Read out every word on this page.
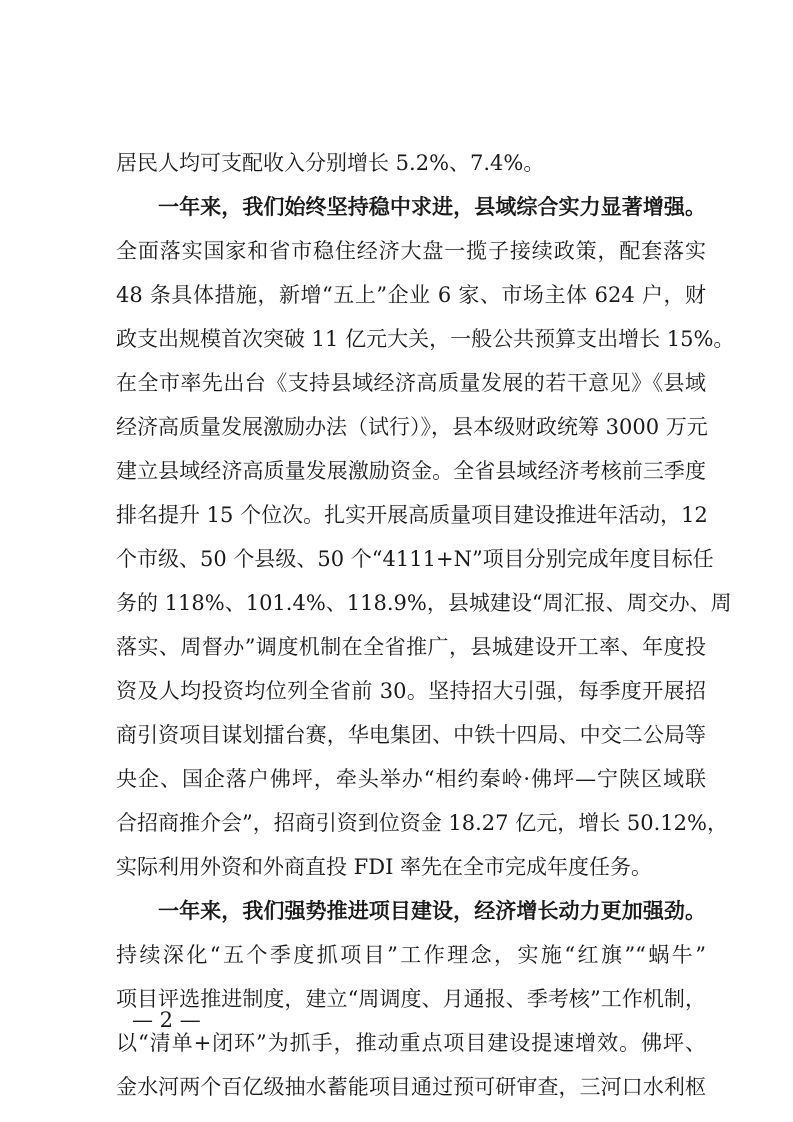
居民人均可支配收入分别增长 5.2%、7.4%。
一年来，我们始终坚持稳中求进，县域综合实力显著增强。
全面落实国家和省市稳住经济大盘一揽子接续政策，配套落实
48 条具体措施，新增“五上”企业 6 家、市场主体 624 户，财
政支出规模首次突破 11 亿元大关，一般公共预算支出增长 15%。
在全市率先出台《支持县域经济高质量发展的若干意见》《县域
经济高质量发展激励办法（试行）》，县本级财政统筹 3000 万元
建立县域经济高质量发展激励资金。全省县域经济考核前三季度
排名提升 15 个位次。扎实开展高质量项目建设推进年活动，12
个市级、50 个县级、50 个“4111+N”项目分别完成年度目标任
务的 118%、101.4%、118.9%，县城建设“周汇报、周交办、周
落实、周督办”调度机制在全省推广，县城建设开工率、年度投
资及人均投资均位列全省前 30。坚持招大引强，每季度开展招
商引资项目谋划擂台赛，华电集团、中铁十四局、中交二公局等
央企、国企落户佛坪，牵头举办“相约秦岭·佛坪—宁陕区域联
合招商推介会”，招商引资到位资金 18.27 亿元，增长 50.12%，
实际利用外资和外商直投 FDI 率先在全市完成年度任务。
一年来，我们强势推进项目建设，经济增长动力更加强劲。
持续深化“五个季度抓项目”工作理念，实施“红旗”“蜗牛”
项目评选推进制度，建立“周调度、月通报、季考核”工作机制，
以“清单+闭环”为抓手，推动重点项目建设提速增效。佛坪、
金水河两个百亿级抽水蓄能项目通过预可研审查，三河口水利枢
— 2 —
